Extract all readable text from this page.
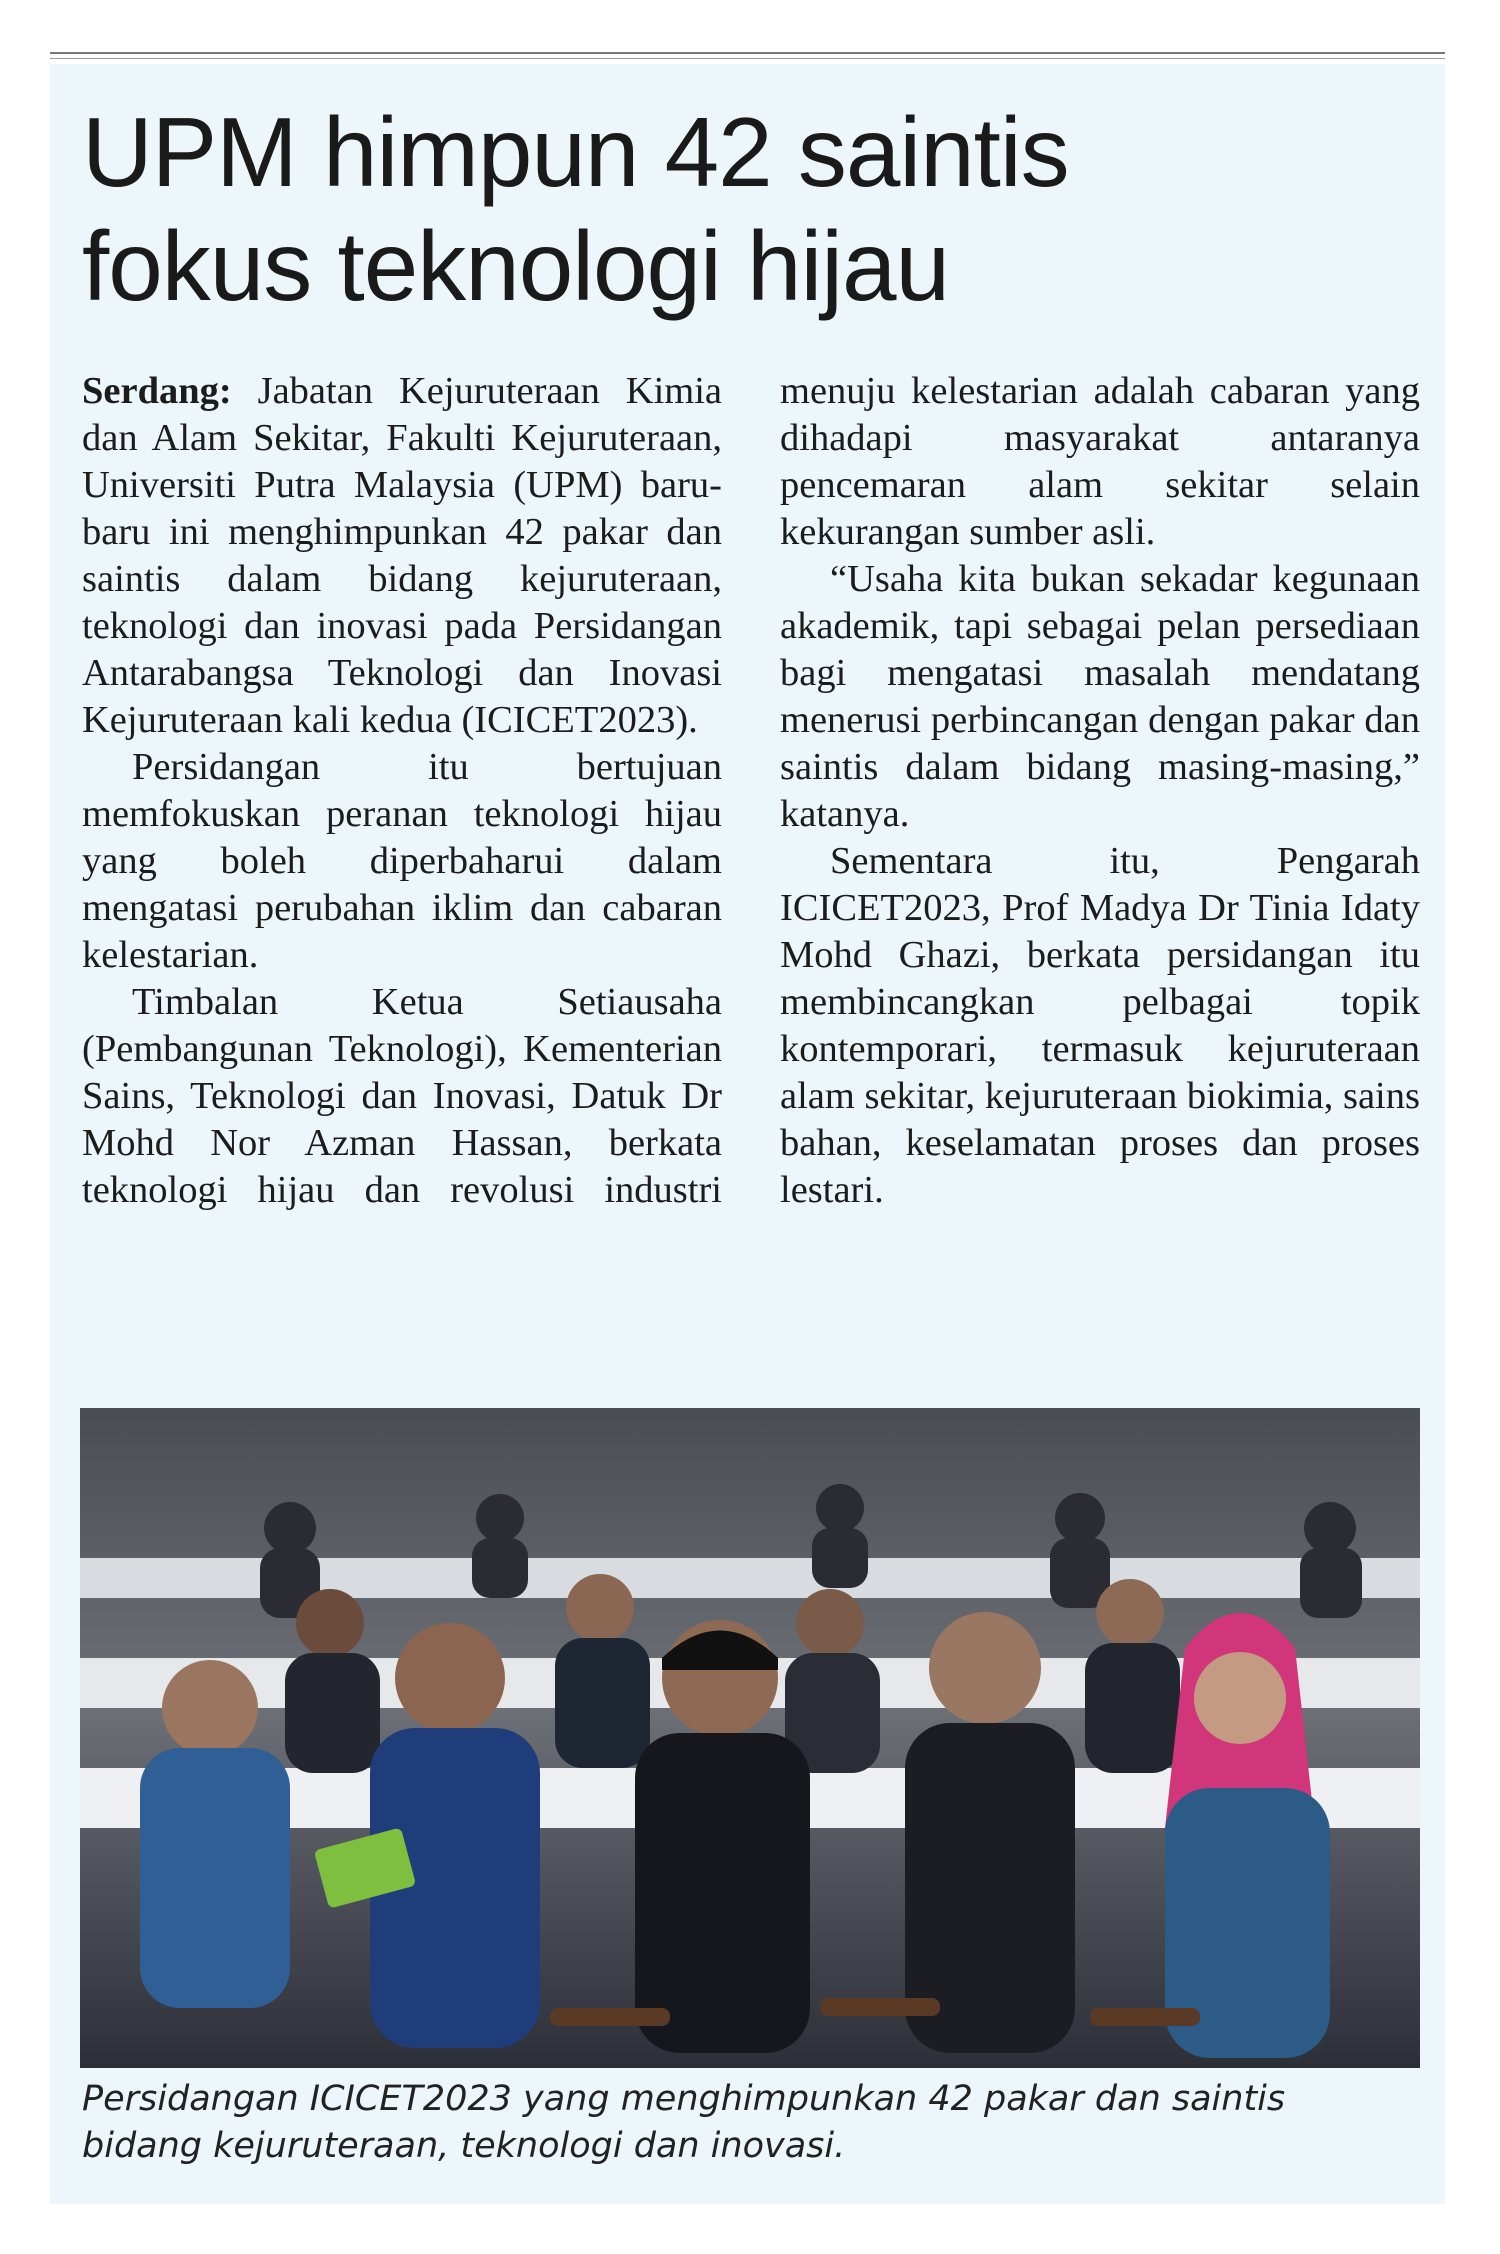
UPM himpun 42 saintis
fokus teknologi hijau

Serdang: Jabatan Kejuruteraan Kimia dan Alam Sekitar, Fakulti Kejuruteraan, Universiti Putra Malaysia (UPM) baru-baru ini menghimpunkan 42 pakar dan saintis dalam bidang kejuruteraan, teknologi dan inovasi pada Persidangan Antarabangsa Teknologi dan Inovasi Kejuruteraan kali kedua (ICICET2023).

Persidangan itu bertujuan memfokuskan peranan teknologi hijau yang boleh diperbaharui dalam mengatasi perubahan iklim dan cabaran kelestarian.

Timbalan Ketua Setiausaha (Pembangunan Teknologi), Kementerian Sains, Teknologi dan Inovasi, Datuk Dr Mohd Nor Azman Hassan, berkata teknologi hijau dan revolusi industri

menuju kelestarian adalah cabaran yang dihadapi masyarakat antaranya pencemaran alam sekitar selain kekurangan sumber asli.

“Usaha kita bukan sekadar kegunaan akademik, tapi sebagai pelan persediaan bagi mengatasi masalah mendatang menerusi perbincangan dengan pakar dan saintis dalam bidang masing-masing,” katanya.

Sementara itu, Pengarah ICICET2023, Prof Madya Dr Tinia Idaty Mohd Ghazi, berkata persidangan itu membincangkan pelbagai topik kontemporari, termasuk kejuruteraan alam sekitar, kejuruteraan biokimia, sains bahan, keselamatan proses dan proses lestari.

Persidangan ICICET2023 yang menghimpunkan 42 pakar dan saintis
bidang kejuruteraan, teknologi dan inovasi.
